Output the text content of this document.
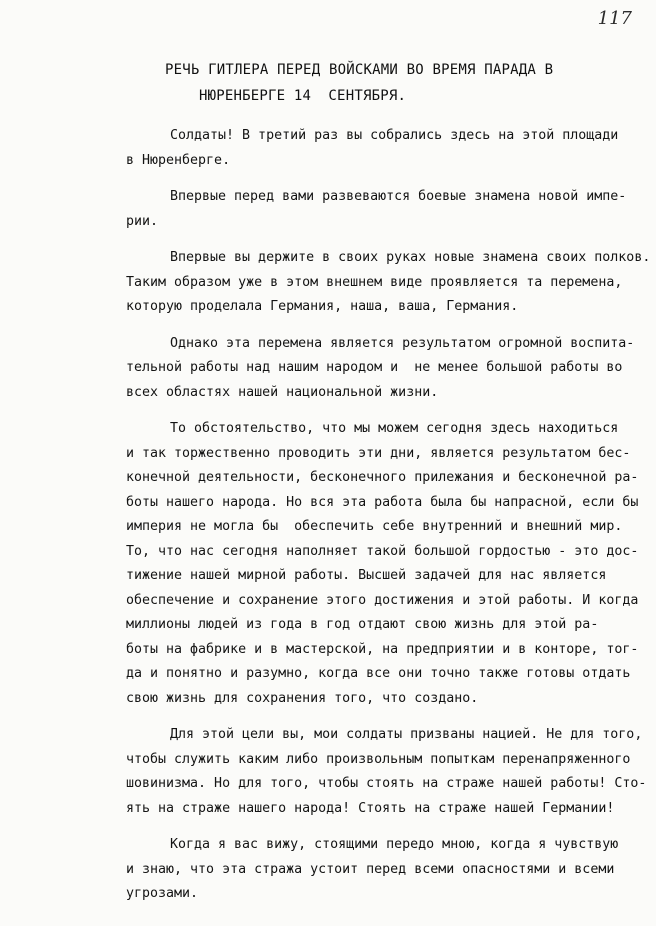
117
РЕЧЬ ГИТЛЕРА ПЕРЕД ВОЙСКАМИ ВО ВРЕМЯ ПАРАДА В
НЮРЕНБЕРГЕ 14  СЕНТЯБРЯ.
Солдаты! В третий раз вы собрались здесь на этой площади
в Нюренберге.
Впервые перед вами развеваются боевые знамена новой импе-
рии.
Впервые вы держите в своих руках новые знамена своих полков.
Таким образом уже в этом внешнем виде проявляется та перемена,
которую проделала Германия, наша, ваша, Германия.
Однако эта перемена является результатом огромной воспита-
тельной работы над нашим народом и  не менее большой работы во
всех областях нашей национальной жизни.
То обстоятельство, что мы можем сегодня здесь находиться
и так торжественно проводить эти дни, является результатом бес-
конечной деятельности, бесконечного прилежания и бесконечной ра-
боты нашего народа. Но вся эта работа была бы напрасной, если бы
империя не могла бы  обеспечить себе внутренний и внешний мир.
То, что нас сегодня наполняет такой большой гордостью - это дос-
тижение нашей мирной работы. Высшей задачей для нас является
обеспечение и сохранение этого достижения и этой работы. И когда
миллионы людей из года в год отдают свою жизнь для этой ра-
боты на фабрике и в мастерской, на предприятии и в конторе, тог-
да и понятно и разумно, когда все они точно также готовы отдать
свою жизнь для сохранения того, что создано.
Для этой цели вы, мои солдаты призваны нацией. Не для того,
чтобы служить каким либо произвольным попыткам перенапряженного
шовинизма. Но для того, чтобы стоять на страже нашей работы! Сто-
ять на страже нашего народа! Стоять на страже нашей Германии!
Когда я вас вижу, стоящими передо мною, когда я чувствую
и знаю, что эта стража устоит перед всеми опасностями и всеми
угрозами.
